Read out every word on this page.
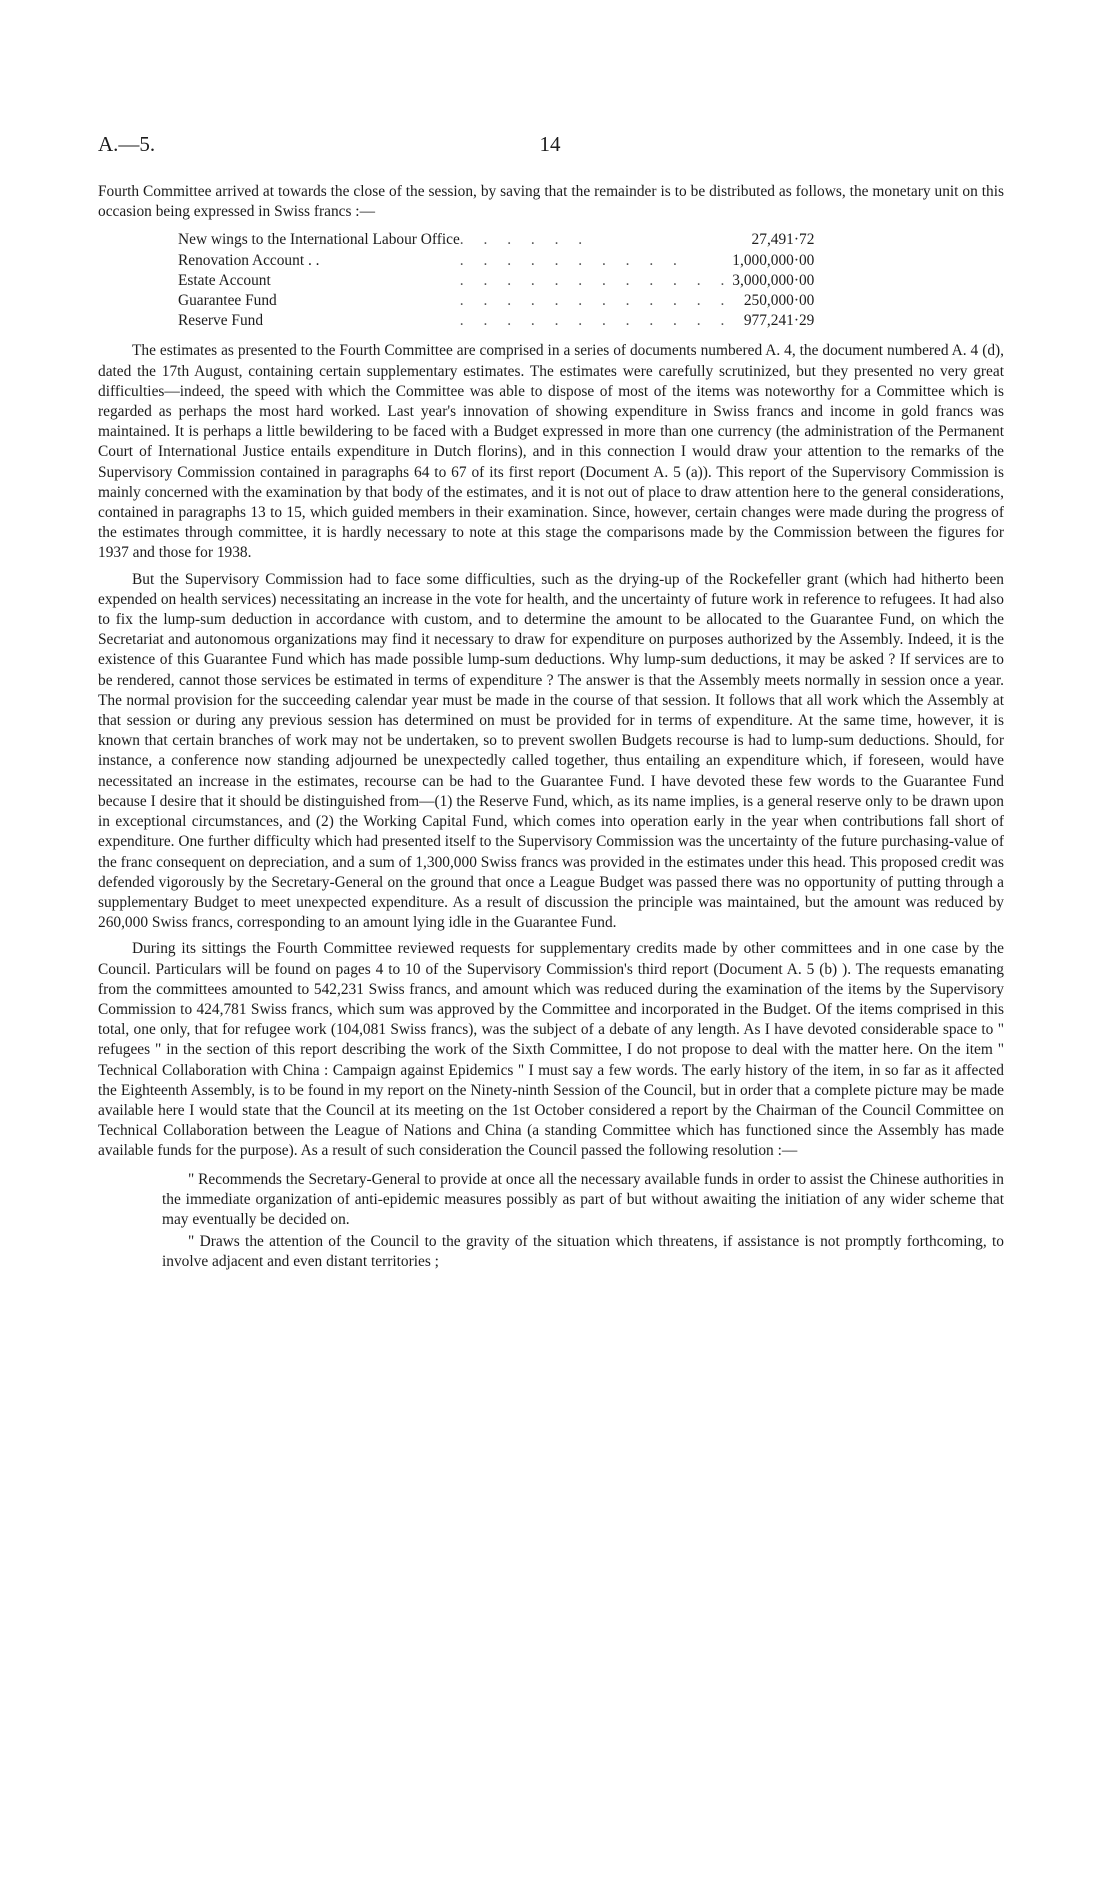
A.—5.	14

Fourth Committee arrived at towards the close of the session, by saving that the remainder is to be distributed as follows, the monetary unit on this occasion being expressed in Swiss francs :—

New wings to the International Labour Office	. . . . . .	27,491·72
Renovation Account . .	. . . . . . . . . .	1,000,000·00
Estate Account	. . . . . . . . . . . .	3,000,000·00
Guarantee Fund	. . . . . . . . . . . .	250,000·00
Reserve Fund	. . . . . . . . . . . .	977,241·29

The estimates as presented to the Fourth Committee are comprised in a series of documents numbered A. 4, the document numbered A. 4 (d), dated the 17th August, containing certain supplementary estimates. The estimates were carefully scrutinized, but they presented no very great difficulties—indeed, the speed with which the Committee was able to dispose of most of the items was noteworthy for a Committee which is regarded as perhaps the most hard worked. Last year's innovation of showing expenditure in Swiss francs and income in gold francs was maintained. It is perhaps a little bewildering to be faced with a Budget expressed in more than one currency (the administration of the Permanent Court of International Justice entails expenditure in Dutch florins), and in this connection I would draw your attention to the remarks of the Supervisory Commission contained in paragraphs 64 to 67 of its first report (Document A. 5 (a)). This report of the Supervisory Commission is mainly concerned with the examination by that body of the estimates, and it is not out of place to draw attention here to the general considerations, contained in paragraphs 13 to 15, which guided members in their examination. Since, however, certain changes were made during the progress of the estimates through committee, it is hardly necessary to note at this stage the comparisons made by the Commission between the figures for 1937 and those for 1938.

But the Supervisory Commission had to face some difficulties, such as the drying-up of the Rockefeller grant (which had hitherto been expended on health services) necessitating an increase in the vote for health, and the uncertainty of future work in reference to refugees. It had also to fix the lump-sum deduction in accordance with custom, and to determine the amount to be allocated to the Guarantee Fund, on which the Secretariat and autonomous organizations may find it necessary to draw for expenditure on purposes authorized by the Assembly. Indeed, it is the existence of this Guarantee Fund which has made possible lump-sum deductions. Why lump-sum deductions, it may be asked ? If services are to be rendered, cannot those services be estimated in terms of expenditure ? The answer is that the Assembly meets normally in session once a year. The normal provision for the succeeding calendar year must be made in the course of that session. It follows that all work which the Assembly at that session or during any previous session has determined on must be provided for in terms of expenditure. At the same time, however, it is known that certain branches of work may not be undertaken, so to prevent swollen Budgets recourse is had to lump-sum deductions. Should, for instance, a conference now standing adjourned be unexpectedly called together, thus entailing an expenditure which, if foreseen, would have necessitated an increase in the estimates, recourse can be had to the Guarantee Fund. I have devoted these few words to the Guarantee Fund because I desire that it should be distinguished from—(1) the Reserve Fund, which, as its name implies, is a general reserve only to be drawn upon in exceptional circumstances, and (2) the Working Capital Fund, which comes into operation early in the year when contributions fall short of expenditure. One further difficulty which had presented itself to the Supervisory Commission was the uncertainty of the future purchasing-value of the franc consequent on depreciation, and a sum of 1,300,000 Swiss francs was provided in the estimates under this head. This proposed credit was defended vigorously by the Secretary-General on the ground that once a League Budget was passed there was no opportunity of putting through a supplementary Budget to meet unexpected expenditure. As a result of discussion the principle was maintained, but the amount was reduced by 260,000 Swiss francs, corresponding to an amount lying idle in the Guarantee Fund.

During its sittings the Fourth Committee reviewed requests for supplementary credits made by other committees and in one case by the Council. Particulars will be found on pages 4 to 10 of the Supervisory Commission's third report (Document A. 5 (b) ). The requests emanating from the committees amounted to 542,231 Swiss francs, and amount which was reduced during the examination of the items by the Supervisory Commission to 424,781 Swiss francs, which sum was approved by the Committee and incorporated in the Budget. Of the items comprised in this total, one only, that for refugee work (104,081 Swiss francs), was the subject of a debate of any length. As I have devoted considerable space to " refugees " in the section of this report describing the work of the Sixth Committee, I do not propose to deal with the matter here. On the item " Technical Collaboration with China : Campaign against Epidemics " I must say a few words. The early history of the item, in so far as it affected the Eighteenth Assembly, is to be found in my report on the Ninety-ninth Session of the Council, but in order that a complete picture may be made available here I would state that the Council at its meeting on the 1st October considered a report by the Chairman of the Council Committee on Technical Collaboration between the League of Nations and China (a standing Committee which has functioned since the Assembly has made available funds for the purpose). As a result of such consideration the Council passed the following resolution :—

" Recommends the Secretary-General to provide at once all the necessary available funds in order to assist the Chinese authorities in the immediate organization of anti-epidemic measures possibly as part of but without awaiting the initiation of any wider scheme that may eventually be decided on.

" Draws the attention of the Council to the gravity of the situation which threatens, if assistance is not promptly forthcoming, to involve adjacent and even distant territories ;
